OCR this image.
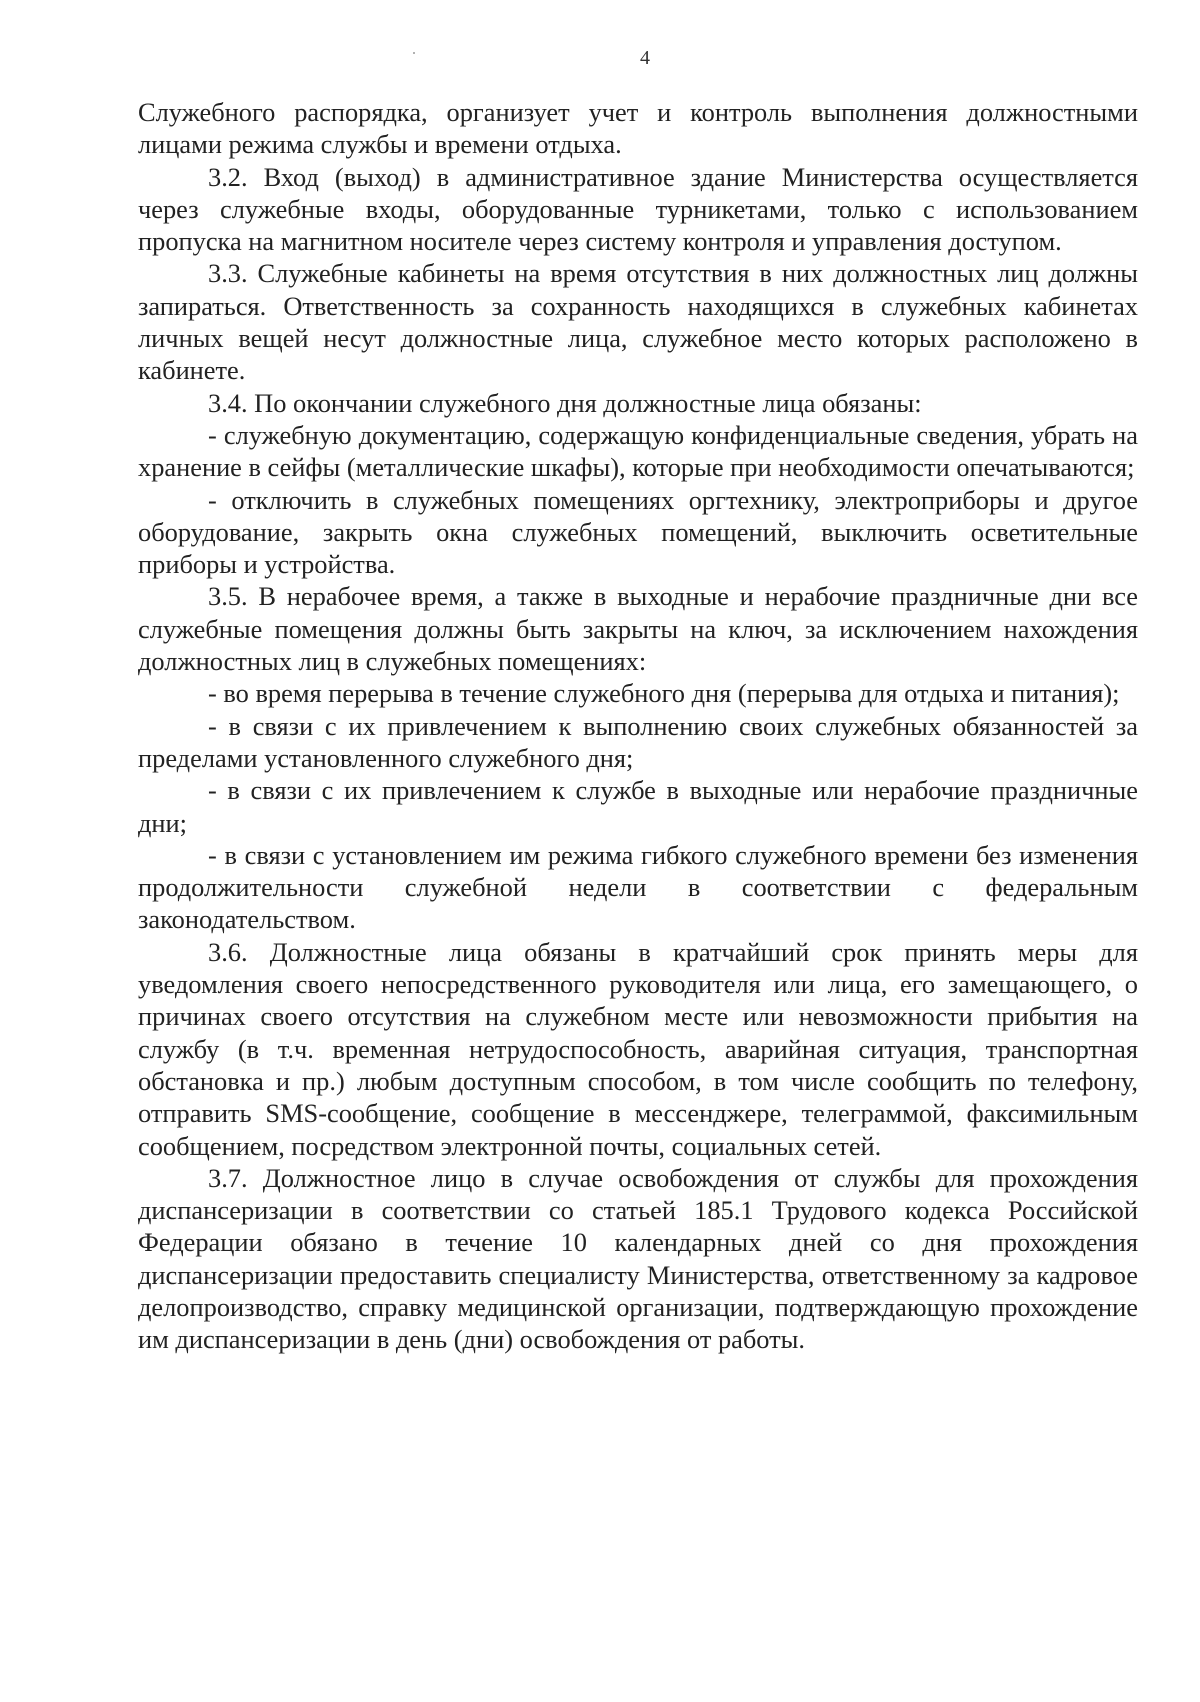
4

Служебного распорядка, организует учет и контроль выполнения должностными лицами режима службы и времени отдыха.

3.2. Вход (выход) в административное здание Министерства осуществляется через служебные входы, оборудованные турникетами, только с использованием пропуска на магнитном носителе через систему контроля и управления доступом.

3.3. Служебные кабинеты на время отсутствия в них должностных лиц должны запираться. Ответственность за сохранность находящихся в служебных кабинетах личных вещей несут должностные лица, служебное место которых расположено в кабинете.

3.4. По окончании служебного дня должностные лица обязаны:

- служебную документацию, содержащую конфиденциальные сведения, убрать на хранение в сейфы (металлические шкафы), которые при необходимости опечатываются;

- отключить в служебных помещениях оргтехнику, электроприборы и другое оборудование, закрыть окна служебных помещений, выключить осветительные приборы и устройства.

3.5. В нерабочее время, а также в выходные и нерабочие праздничные дни все служебные помещения должны быть закрыты на ключ, за исключением нахождения должностных лиц в служебных помещениях:

- во время перерыва в течение служебного дня (перерыва для отдыха и питания);

- в связи с их привлечением к выполнению своих служебных обязанностей за пределами установленного служебного дня;

- в связи с их привлечением к службе в выходные или нерабочие праздничные дни;

- в связи с установлением им режима гибкого служебного времени без изменения продолжительности служебной недели в соответствии с федеральным законодательством.

3.6. Должностные лица обязаны в кратчайший срок принять меры для уведомления своего непосредственного руководителя или лица, его замещающего, о причинах своего отсутствия на служебном месте или невозможности прибытия на службу (в т.ч. временная нетрудоспособность, аварийная ситуация, транспортная обстановка и пр.) любым доступным способом, в том числе сообщить по телефону, отправить SMS-сообщение, сообщение в мессенджере, телеграммой, факсимильным сообщением, посредством электронной почты, социальных сетей.

3.7. Должностное лицо в случае освобождения от службы для прохождения диспансеризации в соответствии со статьей 185.1 Трудового кодекса Российской Федерации обязано в течение 10 календарных дней со дня прохождения диспансеризации предоставить специалисту Министерства, ответственному за кадровое делопроизводство, справку медицинской организации, подтверждающую прохождение им диспансеризации в день (дни) освобождения от работы.
